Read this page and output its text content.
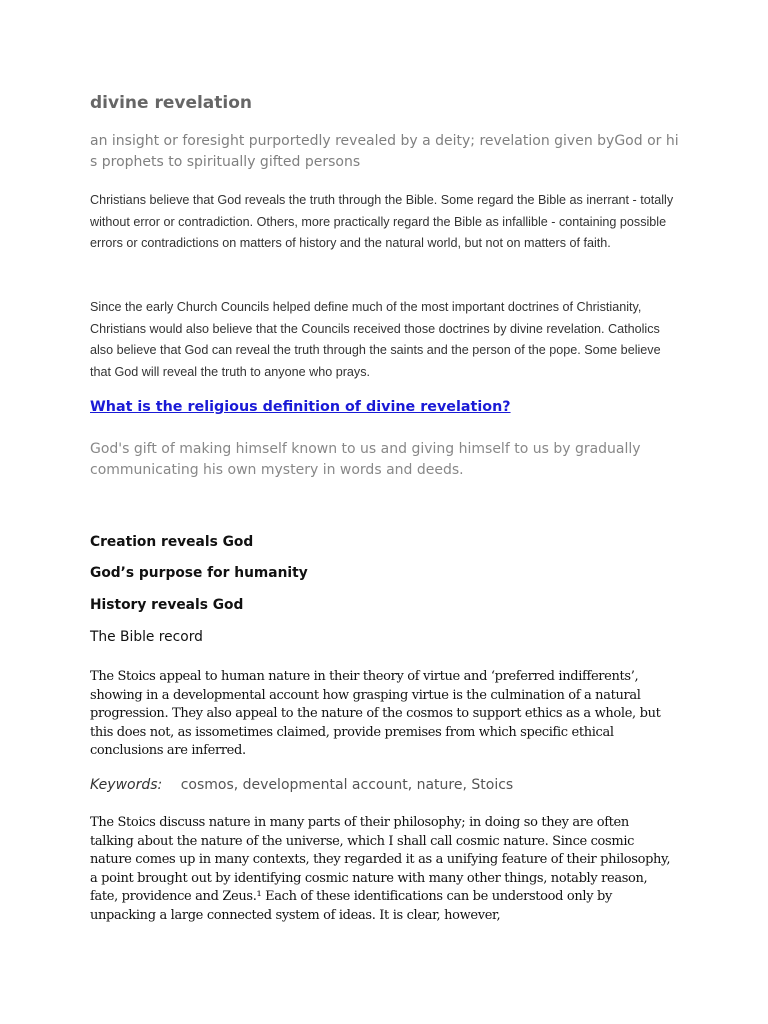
divine revelation
an insight or foresight purportedly revealed by a deity; revelation given byGod or his prophets to spiritually gifted persons
Christians believe that God reveals the truth through the Bible. Some regard the Bible as inerrant - totally without error or contradiction. Others, more practically regard the Bible as infallible - containing possible errors or contradictions on matters of history and the natural world, but not on matters of faith.
Since the early Church Councils helped define much of the most important doctrines of Christianity, Christians would also believe that the Councils received those doctrines by divine revelation. Catholics also believe that God can reveal the truth through the saints and the person of the pope. Some believe that God will reveal the truth to anyone who prays.
What is the religious definition of divine revelation?
God's gift of making himself known to us and giving himself to us by gradually communicating his own mystery in words and deeds.
Creation reveals God
God’s purpose for humanity
History reveals God
The Bible record
The Stoics appeal to human nature in their theory of virtue and ‘preferred indifferents’, showing in a developmental account how grasping virtue is the culmination of a natural progression. They also appeal to the nature of the cosmos to support ethics as a whole, but this does not, as issometimes claimed, provide premises from which specific ethical conclusions are inferred.
Keywords: cosmos, developmental account, nature, Stoics
The Stoics discuss nature in many parts of their philosophy; in doing so they are often talking about the nature of the universe, which I shall call cosmic nature. Since cosmic nature comes up in many contexts, they regarded it as a unifying feature of their philosophy, a point brought out by identifying cosmic nature with many other things, notably reason, fate, providence and Zeus.¹ Each of these identifications can be understood only by unpacking a large connected system of ideas. It is clear, however,
